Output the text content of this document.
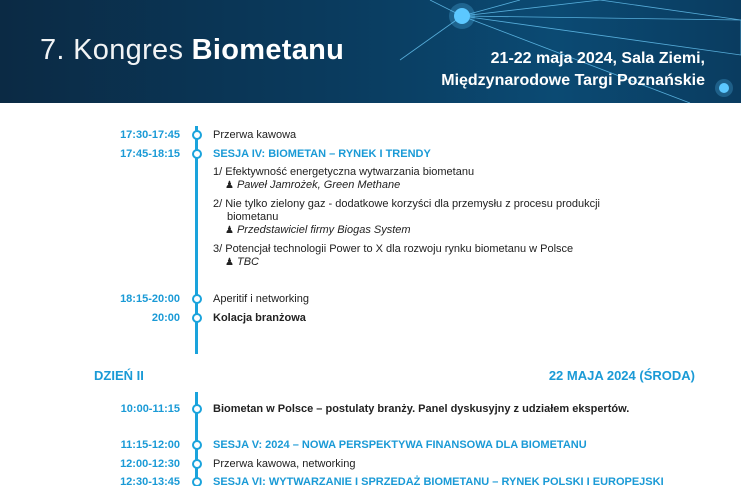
7. Kongres Biometanu	21-22 maja 2024, Sala Ziemi,
Międzynarodowe Targi Poznańskie
17:30-17:45	Przerwa kawowa
17:45-18:15	SESJA IV: BIOMETAN – RYNEK I TRENDY
1/ Efektywność energetyczna wytwarzania biometanu
♟ Paweł Jamrożek, Green Methane
2/ Nie tylko zielony gaz - dodatkowe korzyści dla przemysłu z procesu produkcji
biometanu
♟ Przedstawiciel firmy Biogas System
3/ Potencjał technologii Power to X dla rozwoju rynku biometanu w Polsce
♟ TBC
18:15-20:00	Aperitif i networking
20:00	Kolacja branżowa
DZIEŃ II	22 MAJA 2024 (ŚRODA)
10:00-11:15	Biometan w Polsce – postulaty branży. Panel dyskusyjny z udziałem ekspertów.
11:15-12:00	SESJA V: 2024 – NOWA PERSPEKTYWA FINANSOWA DLA BIOMETANU
12:00-12:30	Przerwa kawowa, networking
12:30-13:45	SESJA VI: WYTWARZANIE I SPRZEDAŻ BIOMETANU – RYNEK POLSKI I EUROPEJSKI
